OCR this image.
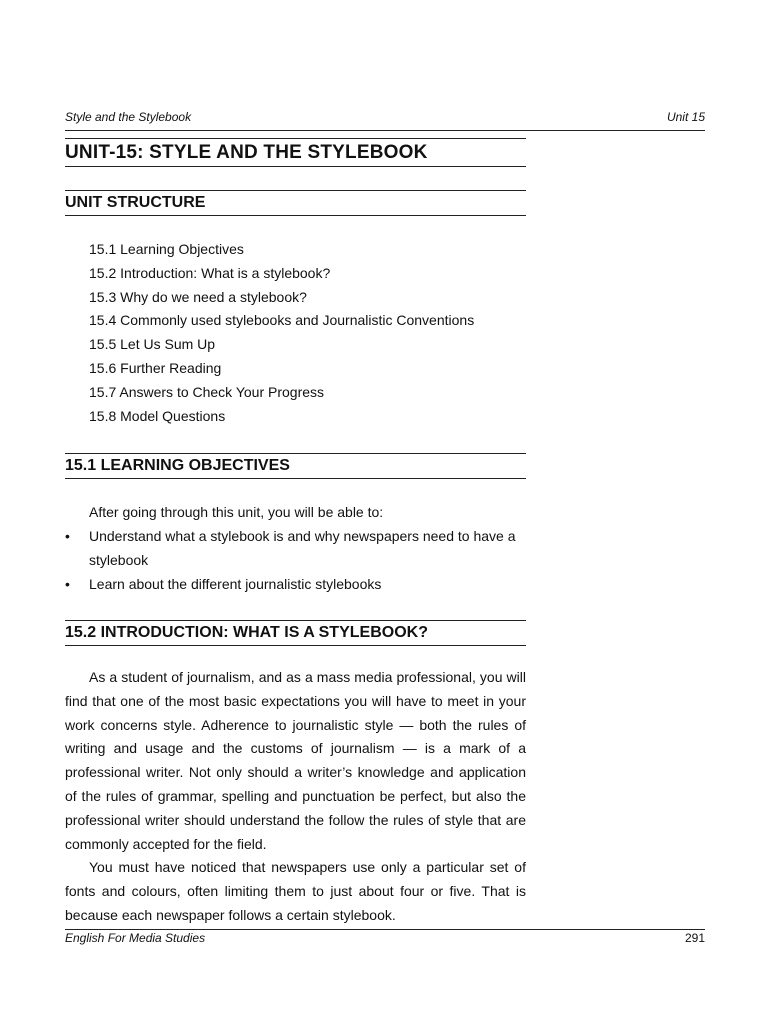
Style and the Stylebook	Unit 15
UNIT-15: STYLE AND THE STYLEBOOK
UNIT STRUCTURE
15.1 Learning Objectives
15.2 Introduction: What is a stylebook?
15.3 Why do we need a stylebook?
15.4 Commonly used stylebooks and Journalistic Conventions
15.5 Let Us Sum Up
15.6 Further Reading
15.7 Answers to Check Your Progress
15.8 Model Questions
15.1 LEARNING OBJECTIVES
After going through this unit, you will be able to:
• Understand what a stylebook is and why newspapers need to have a stylebook
• Learn about the different journalistic stylebooks
15.2 INTRODUCTION: WHAT IS A STYLEBOOK?

As a student of journalism, and as a mass media professional, you will find that one of the most basic expectations you will have to meet in your work concerns style. Adherence to journalistic style — both the rules of writing and usage and the customs of journalism — is a mark of a professional writer. Not only should a writer’s knowledge and application of the rules of grammar, spelling and punctuation be perfect, but also the professional writer should understand the follow the rules of style that are commonly accepted for the field.

You must have noticed that newspapers use only a particular set of fonts and colours, often limiting them to just about four or five. That is because each newspaper follows a certain stylebook.

English For Media Studies	291
